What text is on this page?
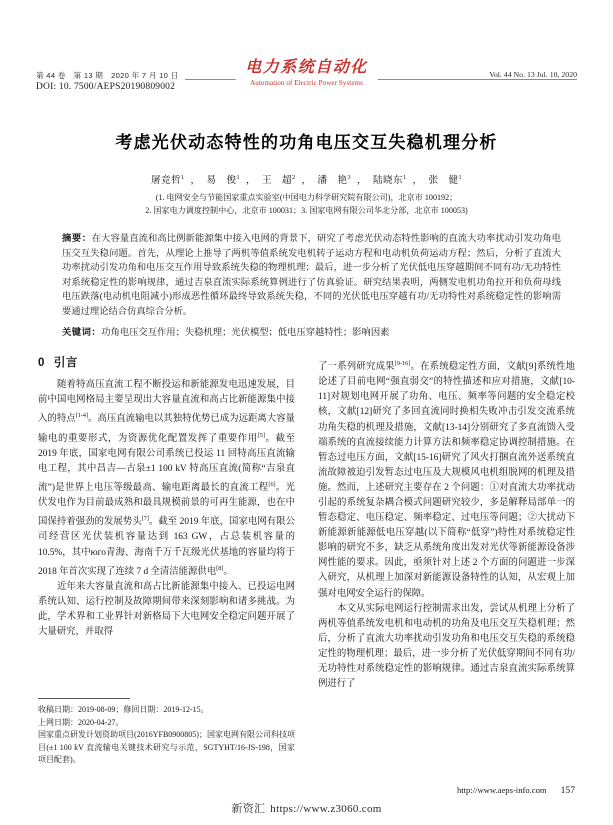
第 44 卷　第 13 期　2020 年 7 月 10 日	电力系统自动化
Automation of Electric Power Systems
Vol. 44 No. 13 Jul. 10, 2020
DOI: 10. 7500/AEPS20190809002
考虑光伏动态特性的功角电压交互失稳机理分析
屠竞哲$^1$ ， 易　俊$^1$ ， 王　超$^2$ ， 潘　艳$^3$ ， 陆晓东$^1$ ， 张　健$^1$
(1. 电网安全与节能国家重点实验室(中国电力科学研究院有限公司)，北京市 100192；
2. 国家电力调度控制中心，北京市 100031；3. 国家电网有限公司华北分部，北京市 100053)
摘要：在大容量直流和高比例新能源集中接入电网的背景下，研究了考虑光伏动态特性影响的直流大功率扰动引发功角电压交互失稳问题。首先，从理论上推导了两机等值系统发电机转子运动方程和电动机负荷运动方程；然后，分析了直流大功率扰动引发功角和电压交互作用导致系统失稳的物理机理；最后，进一步分析了光伏低电压穿越期间不同有功/无功特性对系统稳定性的影响规律，通过吉泉直流实际系统算例进行了仿真验证。研究结果表明，两侧发电机功角拉开和负荷母线电压跌落(电动机电阻减小)形成恶性循环最终导致系统失稳，不同的光伏低电压穿越有功/无功特性对系统稳定性的影响需要通过理论结合仿真综合分析。
关键词：功角电压交互作用；失稳机理；光伏模型；低电压穿越特性；影响因素
0 引言

随着特高压直流工程不断投运和新能源发电迅速发展，目前中国电网格局主要呈现出大容量直流和高占比新能源集中接入的特点[1-4]。高压直流输电以其独特优势已成为远距离大容量输电的重要形式，为资源优化配置发挥了重要作用[5]。截至 2019 年底，国家电网有限公司系统已投运 11 回特高压直流输电工程，其中昌吉—古泉±1 100 kV 特高压直流(简称“吉泉直流”)是世界上电压等级最高、输电距离最长的直流工程[6]。光伏发电作为目前最成熟和最具规模前景的可再生能源，也在中国保持着强劲的发展势头[7]。截至 2019 年底，国家电网有限公司经营区光伏装机容量达到 163 GW，占总装机容量的 10.5%，其中юго青海、海南千万千瓦级光伏基地的容量均将于 2018 年首次实现了连续 7 d 全清洁能源供电[8]。

近年来大容量直流和高占比新能源集中接入、已投运电网系统认知、运行控制及故障期间带来深刻影响和诸多挑战。为此，学术界和工业界针对新格局下大电网安全稳定问题开展了大量研究，并取得

了一系列研究成果[9-16]。在系统稳定性方面，文献[9]系统性地论述了目前电网“强直弱交”的特性描述和应对措施，文献[10-11]对规划电网开展了功角、电压、频率等问题的安全稳定校核，文献[12]研究了多回直流同时换相失败冲击引发交流系统功角失稳的机理及措施，文献[13-14]分别研究了多直流馈入受端系统的直流接续能力计算方法和频率稳定协调控制措施。在暂态过电压方面，文献[15-16]研究了风火打捆直流外送系统直流故障被迫引发暂态过电压及大规模风电机组脱网的机理及措施。然而，上述研究主要存在 2 个问题：①对直流大功率扰动引起的系统复杂耦合模式问题研究较少，多是解释局部单一的暂态稳定、电压稳定、频率稳定、过电压等问题；②大扰动下新能源新能源低电压穿越(以下简称“低穿”)特性对系统稳定性影响的研究不多，缺乏从系统角度出发对光伏等新能源设备涉网性能的要求。因此，亟须针对上述 2 个方面的问题进一步深入研究，从机理上加深对新能源设备特性的认知，从宏观上加强对电网安全运行的保障。

本文从实际电网运行控制需求出发，尝试从机理上分析了两机等值系统发电机和电动机的功角及电压交互失稳机理；然后，分析了直流大功率扰动引发功角和电压交互失稳的系统稳定性的物理机理；最后，进一步分析了光伏低穿期间不同有功/无功特性对系统稳定性的影响规律。通过吉泉直流实际系统算例进行了

收稿日期：2019-08-09；修回日期：2019-12-15。

上网日期：2020-04-27。

国家重点研发计划资助项目(2016YFB0900805)；国家电网有限公司科技项目(±1 100 kV 直流输电关键技术研究与示范，SGTYHT/16-JS-198，国家项目配套)。

http://www.aeps-info.com 157
新资汇 https://www.z3060.com
